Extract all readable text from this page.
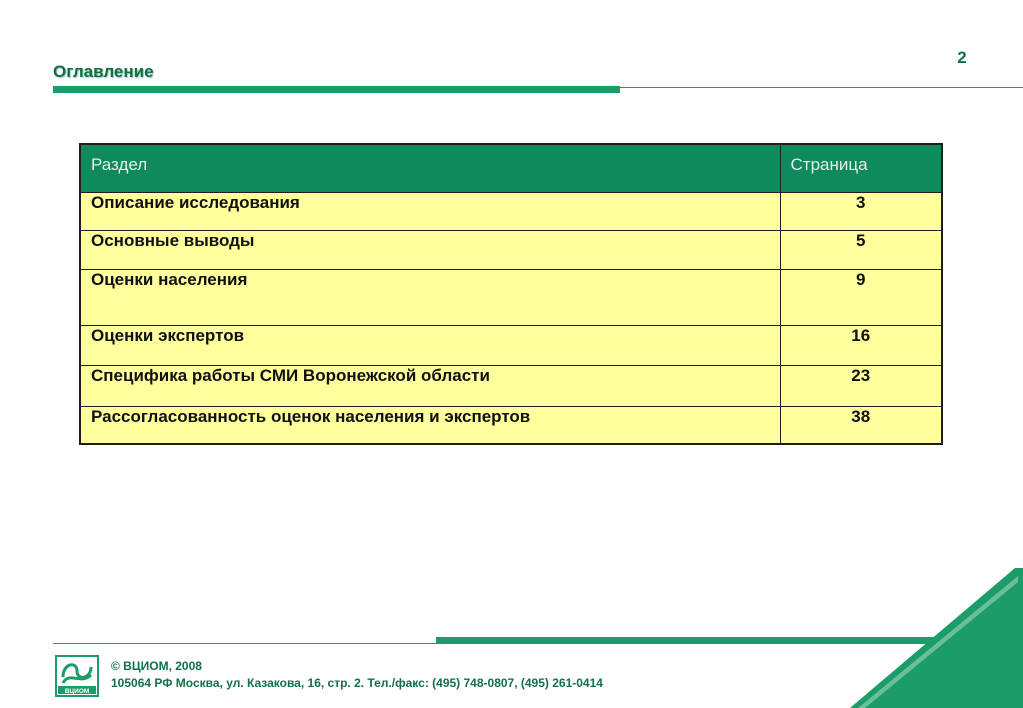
2
Оглавление
Раздел	Страница
Описание исследования	3
Основные выводы	5
Оценки населения	9
Оценки экспертов	16
Специфика работы СМИ Воронежской области	23
Рассогласованность оценок населения и экспертов	38
ВЦИОМ
© ВЦИОМ, 2008
105064 РФ Москва, ул. Казакова, 16, стр. 2. Тел./факс: (495) 748-0807, (495) 261-0414
